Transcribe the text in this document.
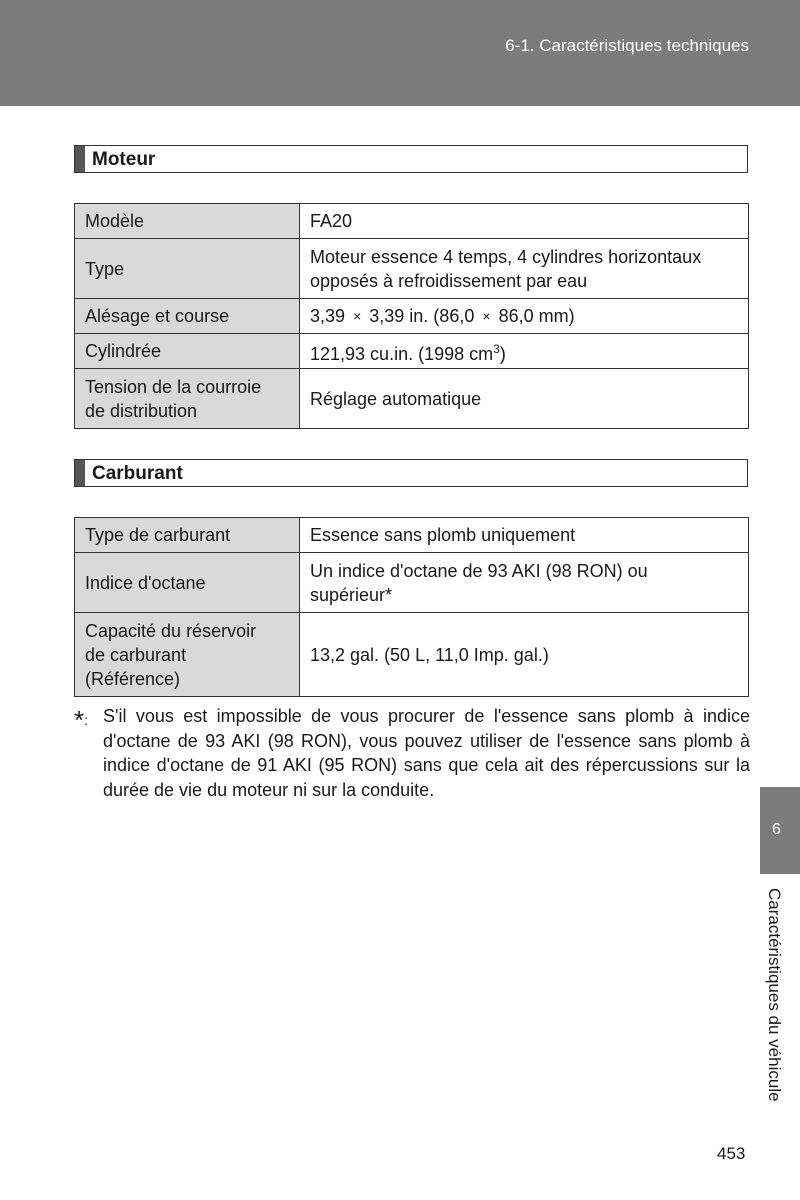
6-1. Caractéristiques techniques
Moteur
Modèle	FA20
Type	Moteur essence 4 temps, 4 cylindres horizontaux
opposés à refroidissement par eau
Alésage et course	3,39 × 3,39 in. (86,0 × 86,0 mm)
Cylindrée	121,93 cu.in. (1998 $cm^3$)
Tension de la courroie
de distribution	Réglage automatique
Carburant
Type de carburant	Essence sans plomb uniquement
Indice d'octane	Un indice d'octane de 93 AKI (98 RON) ou
supérieur*
Capacité du réservoir
de carburant
(Référence)	13,2 gal. (50 L, 11,0 Imp. gal.)
*: S'il vous est impossible de vous procurer de l'essence sans plomb à indice d'octane de 93 AKI (98 RON), vous pouvez utiliser de l'essence sans plomb à indice d'octane de 91 AKI (95 RON) sans que cela ait des répercussions sur la durée de vie du moteur ni sur la conduite.
6
Caractéristiques du véhicule
453
